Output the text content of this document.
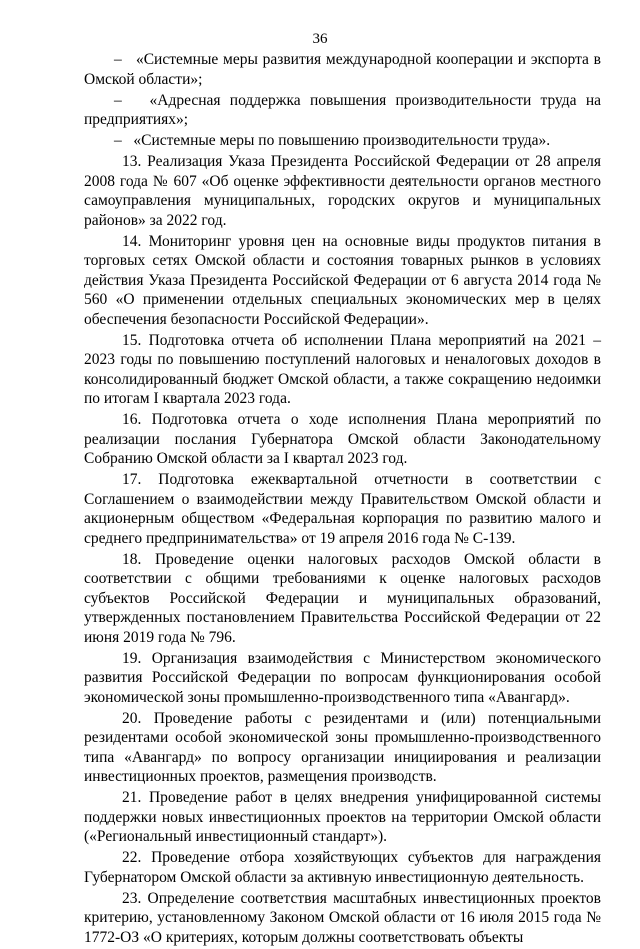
36

–   «Системные меры развития международной кооперации и экспорта в Омской области»;

–   «Адресная поддержка повышения производительности труда на предприятиях»;

–   «Системные меры по повышению производительности труда».

13. Реализация Указа Президента Российской Федерации от 28 апреля 2008 года № 607 «Об оценке эффективности деятельности органов местного самоуправления муниципальных, городских округов и муниципальных районов» за 2022 год.

14. Мониторинг уровня цен на основные виды продуктов питания в торговых сетях Омской области и состояния товарных рынков в условиях действия Указа Президента Российской Федерации от 6 августа 2014 года № 560 «О применении отдельных специальных экономических мер в целях обеспечения безопасности Российской Федерации».

15. Подготовка отчета об исполнении Плана мероприятий на 2021 – 2023 годы по повышению поступлений налоговых и неналоговых доходов в консолидированный бюджет Омской области, а также сокращению недоимки по итогам I квартала 2023 года.

16. Подготовка отчета о ходе исполнения Плана мероприятий по реализации послания Губернатора Омской области Законодательному Собранию Омской области за I квартал 2023 год.

17. Подготовка ежеквартальной отчетности в соответствии с Соглашением о взаимодействии между Правительством Омской области и акционерным обществом «Федеральная корпорация по развитию малого и среднего предпринимательства» от 19 апреля 2016 года № С-139.

18. Проведение оценки налоговых расходов Омской области в соответствии с общими требованиями к оценке налоговых расходов субъектов Российской Федерации и муниципальных образований, утвержденных постановлением Правительства Российской Федерации от 22 июня 2019 года № 796.

19. Организация взаимодействия с Министерством экономического развития Российской Федерации по вопросам функционирования особой экономической зоны промышленно-производственного типа «Авангард».

20. Проведение работы с резидентами и (или) потенциальными резидентами особой экономической зоны промышленно-производственного типа «Авангард» по вопросу организации инициирования и реализации инвестиционных проектов, размещения производств.

21. Проведение работ в целях внедрения унифицированной системы поддержки новых инвестиционных проектов на территории Омской области («Региональный инвестиционный стандарт»).

22. Проведение отбора хозяйствующих субъектов для награждения Губернатором Омской области за активную инвестиционную деятельность.

23. Определение соответствия масштабных инвестиционных проектов критерию, установленному Законом Омской области от 16 июля 2015 года № 1772-ОЗ «О критериях, которым должны соответствовать объекты
